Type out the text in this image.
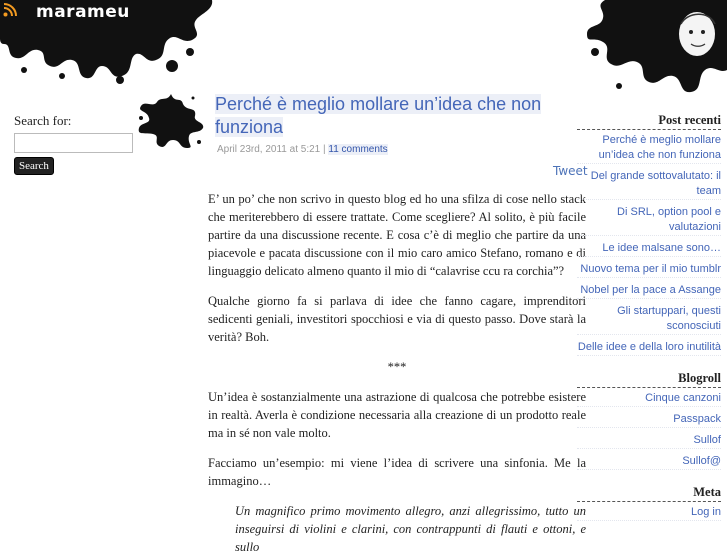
marameu
Search for:
Search
Perché è meglio mollare un’idea che non funziona
April 23rd, 2011 at 5:21 | 11 comments
Tweet

E’ un po’ che non scrivo in questo blog ed ho una sfilza di cose nello stack che meriterebbero di essere trattate. Come scegliere? Al solito, è più facile partire da una discussione recente. E cosa c’è di meglio che partire da una piacevole e pacata discussione con il mio caro amico Stefano, romano e di linguaggio delicato almeno quanto il mio di “calavrise ccu ra corchia”?

Qualche giorno fa si parlava di idee che fanno cagare, imprenditori sedicenti geniali, investitori spocchiosi e via di questo passo. Dove starà la verità? Boh.

***

Un’idea è sostanzialmente una astrazione di qualcosa che potrebbe esistere in realtà. Averla è condizione necessaria alla creazione di un prodotto reale ma in sé non vale molto.

Facciamo un’esempio: mi viene l’idea di scrivere una sinfonia. Me la immagino…

Un magnifico primo movimento allegro, anzi allegrissimo, tutto un inseguirsi di violini e clarini, con contrappunti di flauti e ottoni, e sullo
Post recenti
Perché è meglio mollare un’idea che non funziona
Del grande sottovalutato: il team
Di SRL, option pool e valutazioni
Le idee malsane sono…
Nuovo tema per il mio tumblr
Nobel per la pace a Assange
Gli startuppari, questi sconosciuti
Delle idee e della loro inutilità
Blogroll
Cinque canzoni
Passpack
Sullof
Sullof@
Meta
Log in
